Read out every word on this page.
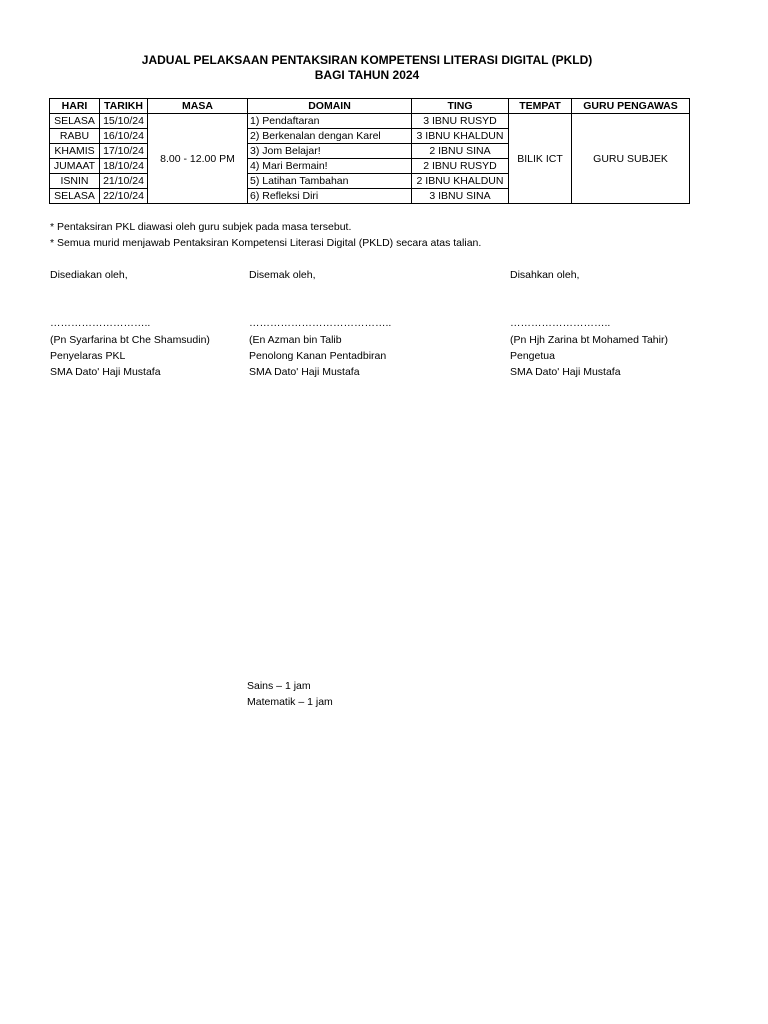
JADUAL PELAKSAAN PENTAKSIRAN KOMPETENSI LITERASI DIGITAL (PKLD)
BAGI TAHUN 2024
HARI	TARIKH	MASA	DOMAIN	TING	TEMPAT	GURU PENGAWAS
SELASA	15/10/24	8.00 - 12.00 PM	1) Pendaftaran	3 IBNU RUSYD	BILIK ICT	GURU SUBJEK
RABU	16/10/24		2) Berkenalan dengan Karel	3 IBNU KHALDUN		
KHAMIS	17/10/24		3) Jom Belajar!	2 IBNU SINA		
JUMAAT	18/10/24		4) Mari Bermain!	2 IBNU RUSYD		
ISNIN	21/10/24		5) Latihan Tambahan	2 IBNU KHALDUN		
SELASA	22/10/24		6) Refleksi Diri	3 IBNU SINA		
* Pentaksiran PKL diawasi oleh guru subjek pada masa tersebut.
* Semua murid menjawab Pentaksiran Kompetensi Literasi Digital (PKLD) secara atas talian.
Disediakan oleh,
………………………..
(Pn Syarfarina bt Che Shamsudin)
Penyelaras PKL
SMA Dato' Haji Mustafa
Disemak oleh,
…………………………………..
(En Azman bin Talib
Penolong Kanan Pentadbiran
SMA Dato' Haji Mustafa
Disahkan oleh,
………………………..
(Pn Hjh Zarina bt Mohamed Tahir)
Pengetua
SMA Dato' Haji Mustafa
Sains – 1 jam
Matematik – 1 jam
